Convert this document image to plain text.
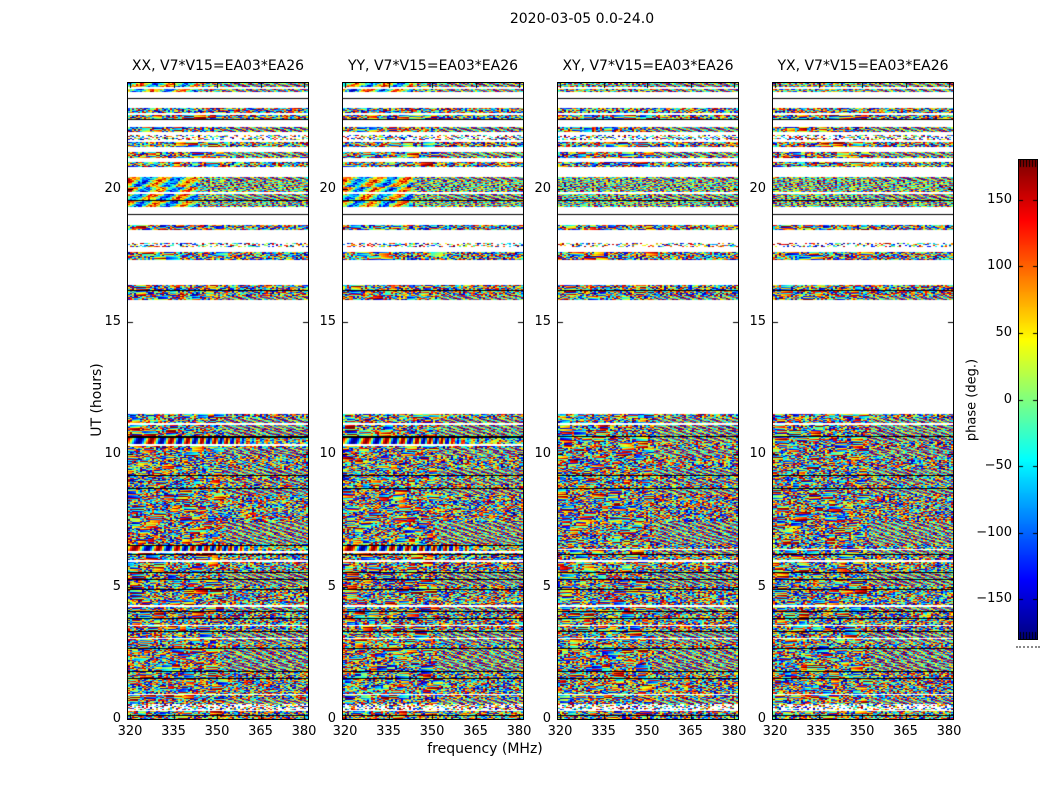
2020-03-05 0.0-24.0
XX, V7*V15=EA03*EA26	YY, V7*V15=EA03*EA26	XY, V7*V15=EA03*EA26	YX, V7*V15=EA03*EA26
frequency (MHz)
UT (hours)	phase (deg.)
320 335 350 365 380
0
5
10
15
20
320 335 350 365 380
0
5
10
15
20
320 335 350 365 380
0
5
10
15
20
320 335 350 365 380
0
5
10
15
20
150
100
50
0
−50
−100
−150
